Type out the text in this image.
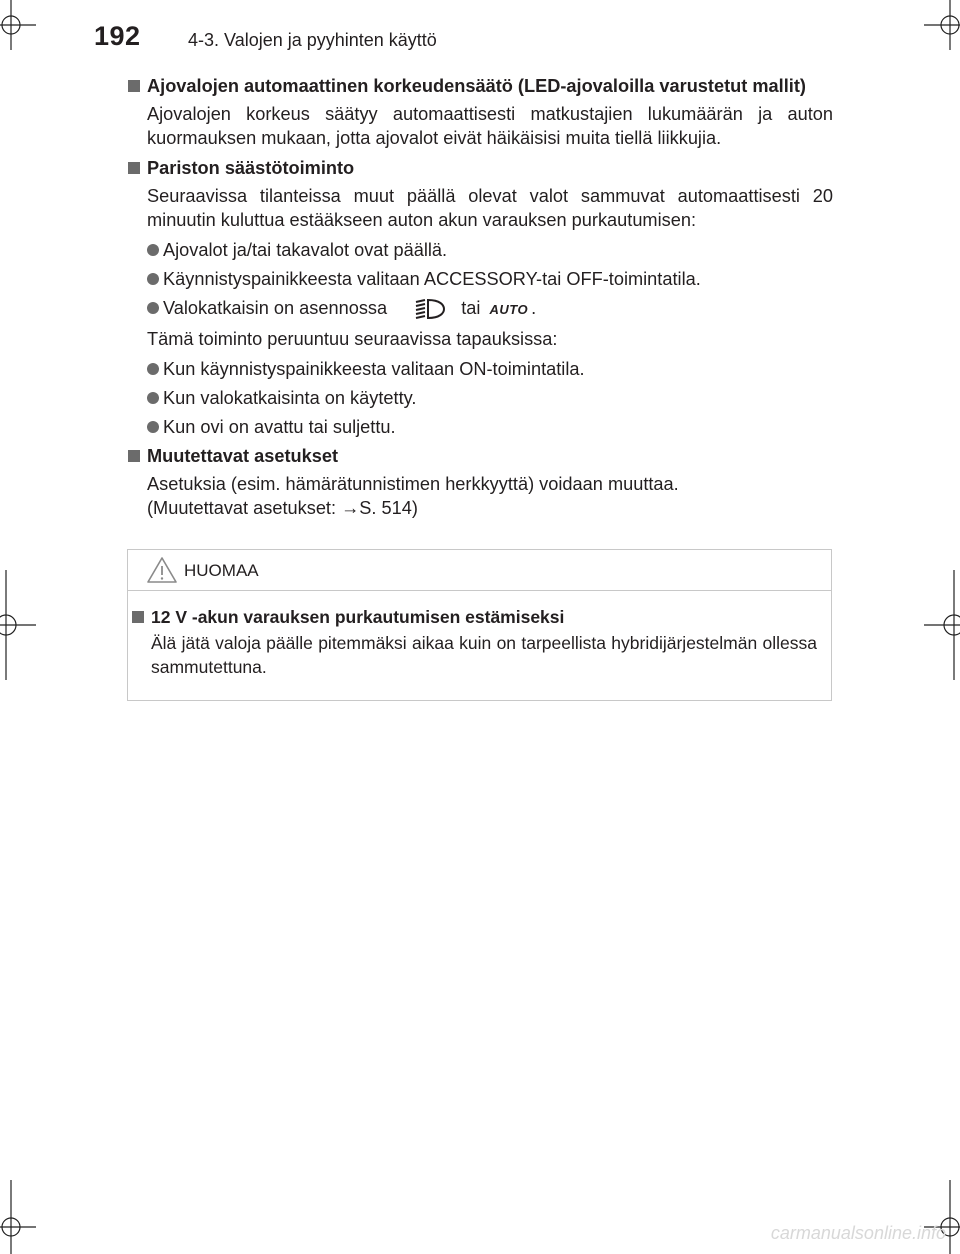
192	4-3. Valojen ja pyyhinten käyttö
Ajovalojen automaattinen korkeudensäätö (LED-ajovaloilla varustetut mallit)
Ajovalojen korkeus säätyy automaattisesti matkustajien lukumäärän ja auton kuormauksen mukaan, jotta ajovalot eivät häikäisisi muita tiellä liikkujia.
Pariston säästötoiminto
Seuraavissa tilanteissa muut päällä olevat valot sammuvat automaattisesti 20 minuutin kuluttua estääkseen auton akun varauksen purkautumisen:
Ajovalot ja/tai takavalot ovat päällä.
Käynnistyspainikkeesta valitaan ACCESSORY-tai OFF-toimintatila.
Valokatkaisin on asennossa	tai AUTO .
Tämä toiminto peruuntuu seuraavissa tapauksissa:
Kun käynnistyspainikkeesta valitaan ON-toimintatila.
Kun valokatkaisinta on käytetty.
Kun ovi on avattu tai suljettu.
Muutettavat asetukset
Asetuksia (esim. hämärätunnistimen herkkyyttä) voidaan muuttaa.
(Muutettavat asetukset: →S. 514)
HUOMAA
12 V -akun varauksen purkautumisen estämiseksi
Älä jätä valoja päälle pitemmäksi aikaa kuin on tarpeellista hybridijärjestelmän ollessa sammutettuna.
carmanualsonline.info
